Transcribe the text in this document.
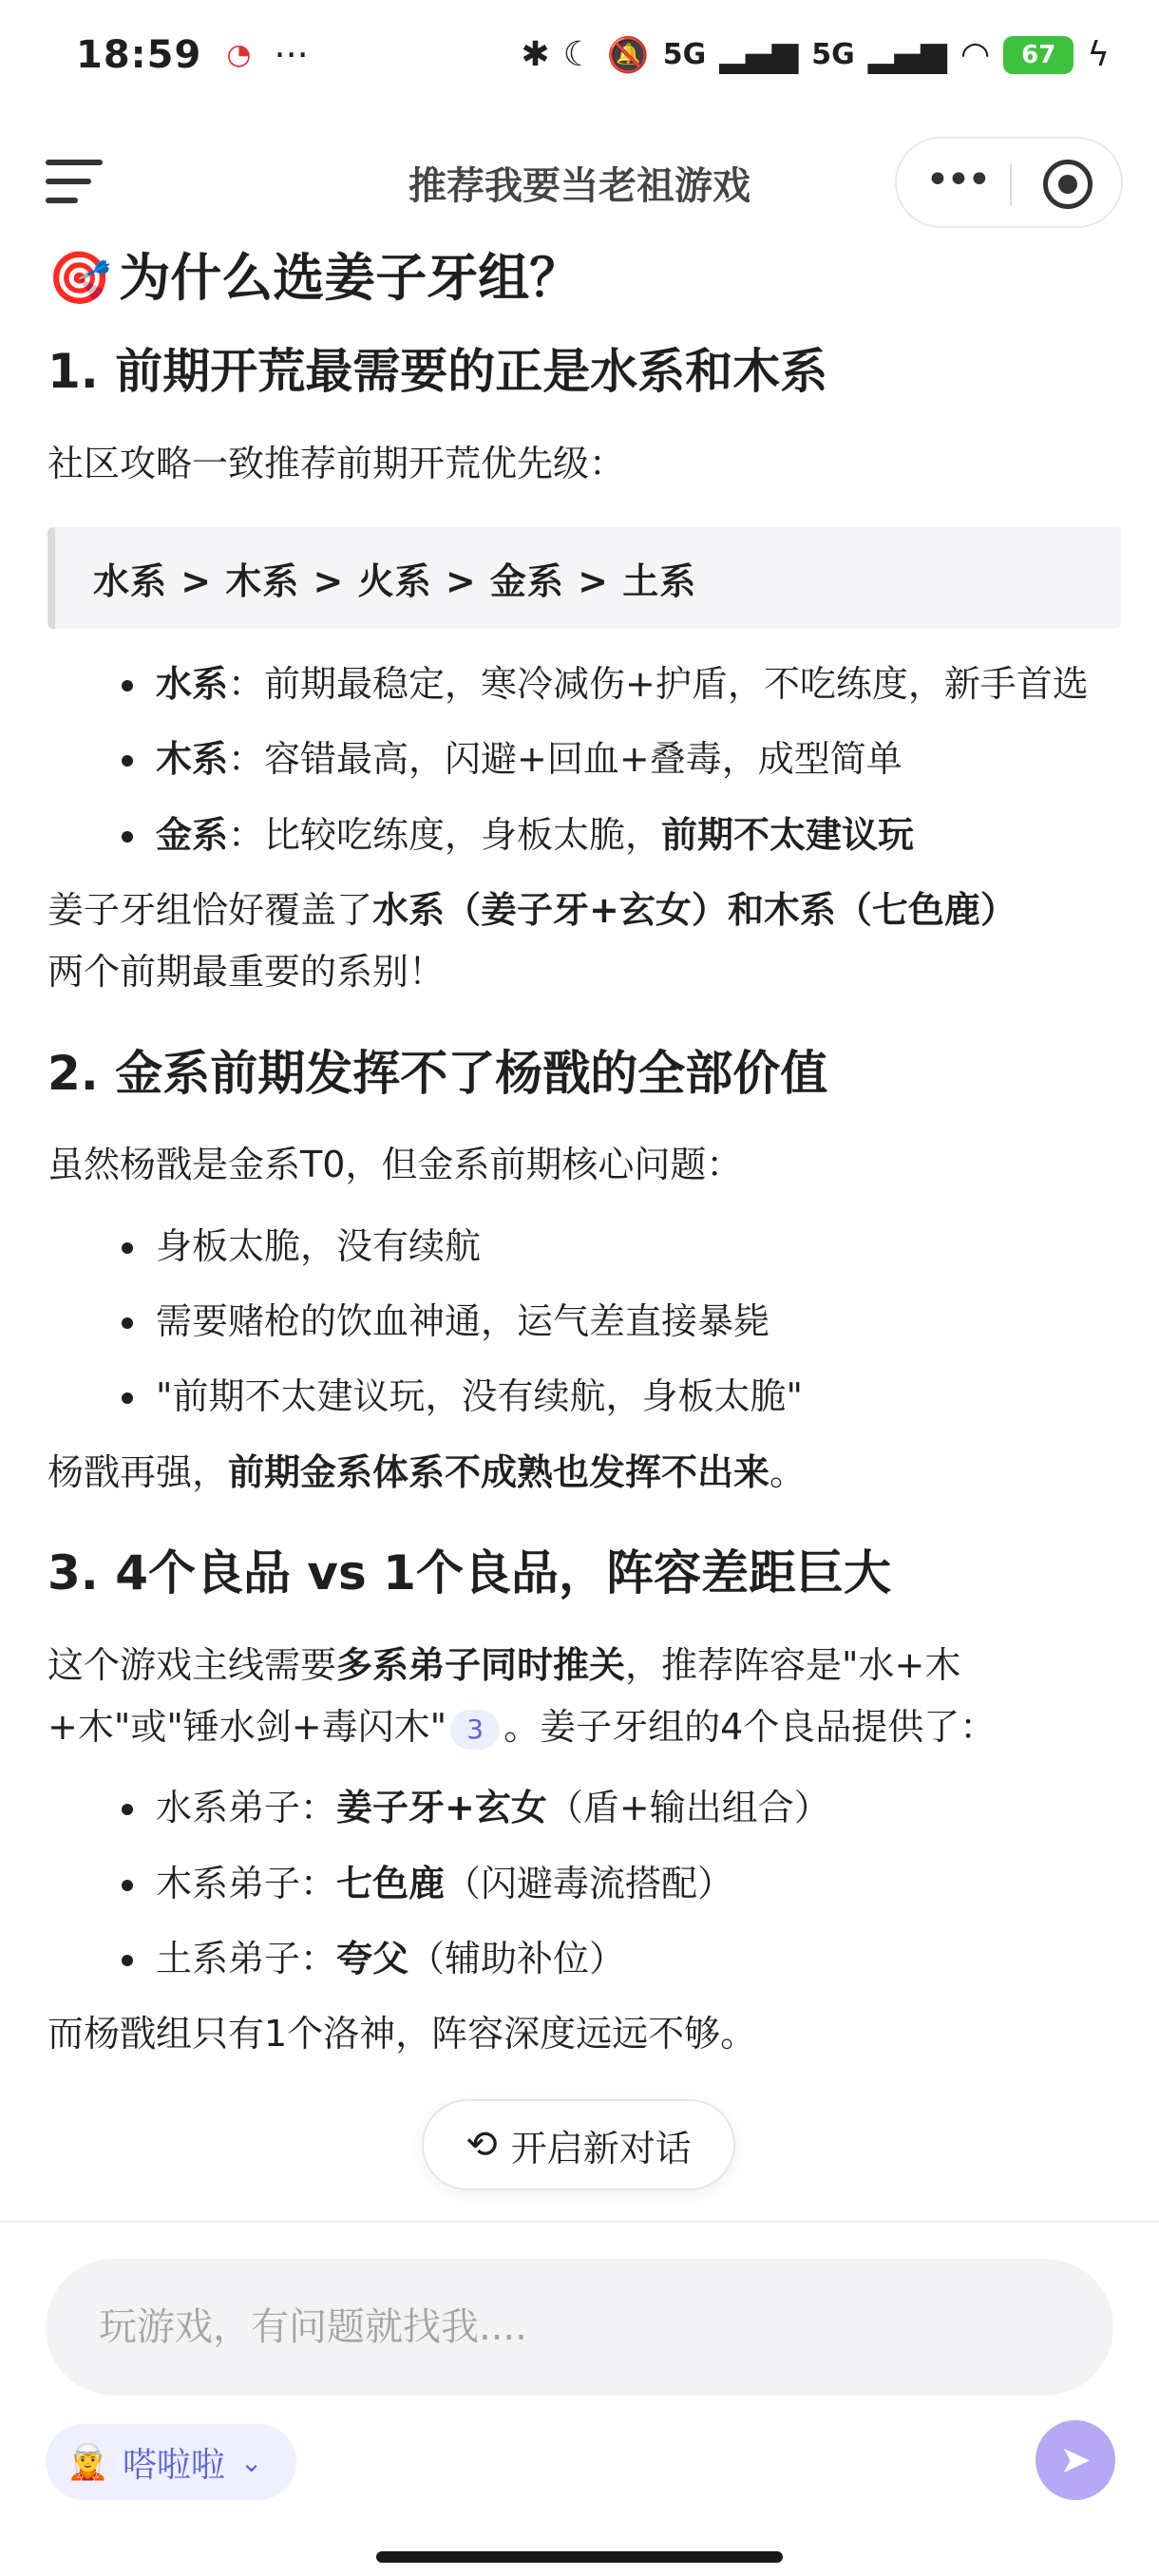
18:59 ◔ ···	✱ ☾ 🔕 5G ▂▄▆ 5G ▂▄▆ ◠	67 ϟ
推荐我要当老祖游戏	•••
🎯 为什么选姜子牙组？
1. 前期开荒最需要的正是水系和木系
社区攻略一致推荐前期开荒优先级：
水系 > 木系 > 火系 > 金系 > 土系
水系：前期最稳定，寒冷减伤+护盾，不吃练度，新手首选
木系：容错最高，闪避+回血+叠毒，成型简单
金系：比较吃练度，身板太脆，前期不太建议玩
姜子牙组恰好覆盖了水系（姜子牙+玄女）和木系（七色鹿）
两个前期最重要的系别！
2. 金系前期发挥不了杨戬的全部价值
虽然杨戬是金系T0，但金系前期核心问题：
身板太脆，没有续航
需要赌枪的饮血神通，运气差直接暴毙
"前期不太建议玩，没有续航，身板太脆"
杨戬再强，前期金系体系不成熟也发挥不出来。
3. 4个良品 vs 1个良品，阵容差距巨大
这个游戏主线需要多系弟子同时推关，推荐阵容是"水+木+木"或"锤水剑+毒闪木" 3 。姜子牙组的4个良品提供了：
水系弟子：姜子牙+玄女（盾+输出组合）
木系弟子：七色鹿（闪避毒流搭配）
土系弟子：夸父（辅助补位）
而杨戬组只有1个洛神，阵容深度远远不够。
⟲ 开启新对话
玩游戏，有问题就找我....
🧝 嗒啦啦 ⌄	➤
